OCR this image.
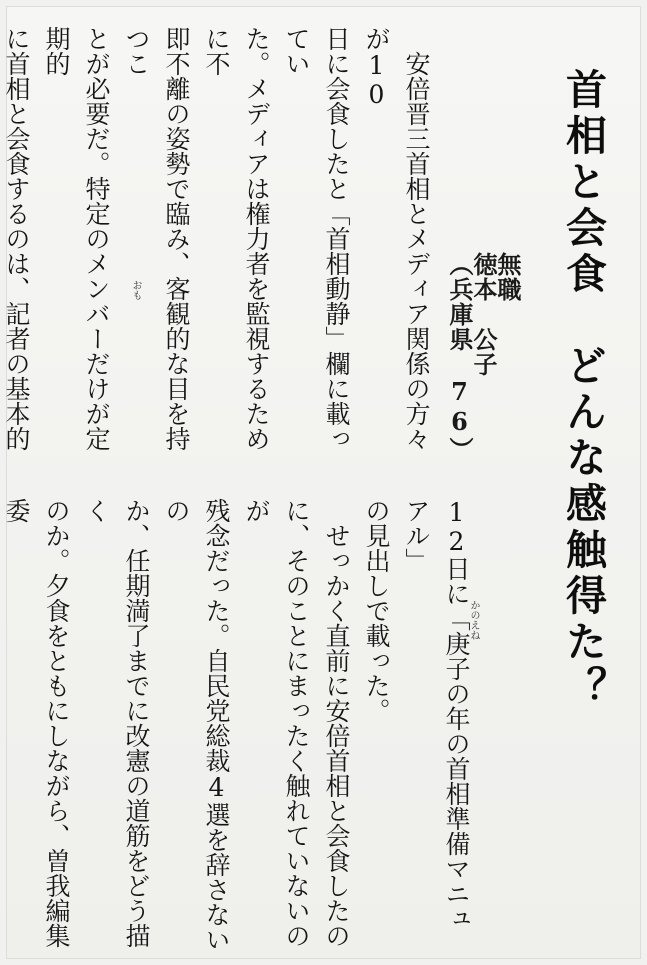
首相と会食　どんな感触得た？
無職
徳本　公子
（兵庫県　76）

　安倍晋三首相とメディア関係の方々が10
日に会食したと「首相動静」欄に載ってい
た。メディアは権力者を監視するために不
即不離の姿勢で臨み、客観的な目を持つこ
とが必要だ。特定のメンバーだけが定期的
に首相と会食するのは、記者の基本的

12日に「庚子の年の首相準備マニュアル」
の見出しで載った。
　せっかく直前に安倍首相と会食したの
に、そのことにまったく触れていないのが
残念だった。自民党総裁4選を辞さないの
か、任期満了までに改憲の道筋をどう描く
のか。夕食をともにしながら、曽我編集委

かのえね
おも
